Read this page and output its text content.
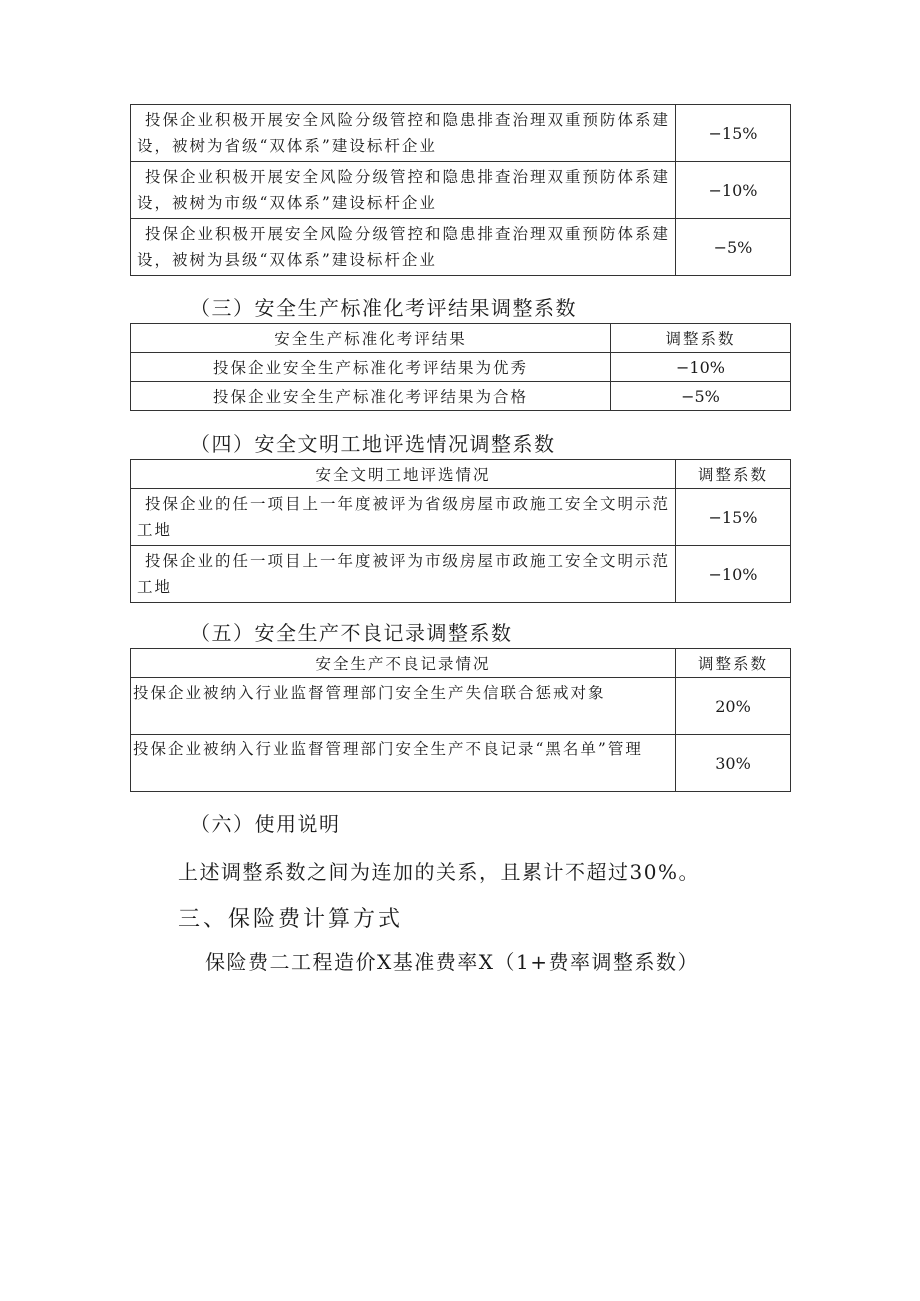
投保企业积极开展安全风险分级管控和隐患排查治理双重预防体系建设，被树为省级“双体系”建设标杆企业	−15%
投保企业积极开展安全风险分级管控和隐患排查治理双重预防体系建设，被树为市级“双体系”建设标杆企业	−10%
投保企业积极开展安全风险分级管控和隐患排查治理双重预防体系建设，被树为县级“双体系”建设标杆企业	−5%
（三）安全生产标准化考评结果调整系数
安全生产标准化考评结果	调整系数
投保企业安全生产标准化考评结果为优秀	−10%
投保企业安全生产标准化考评结果为合格	−5%
（四）安全文明工地评选情况调整系数
安全文明工地评选情况	调整系数
投保企业的任一项目上一年度被评为省级房屋市政施工安全文明示范工地	−15%
投保企业的任一项目上一年度被评为市级房屋市政施工安全文明示范工地	−10%
（五）安全生产不良记录调整系数
安全生产不良记录情况	调整系数
投保企业被纳入行业监督管理部门安全生产失信联合惩戒对象	20%
投保企业被纳入行业监督管理部门安全生产不良记录“黑名单”管理	30%
（六）使用说明
上述调整系数之间为连加的关系，且累计不超过30%。
三、保险费计算方式
保险费二工程造价X基准费率X（1+费率调整系数）
